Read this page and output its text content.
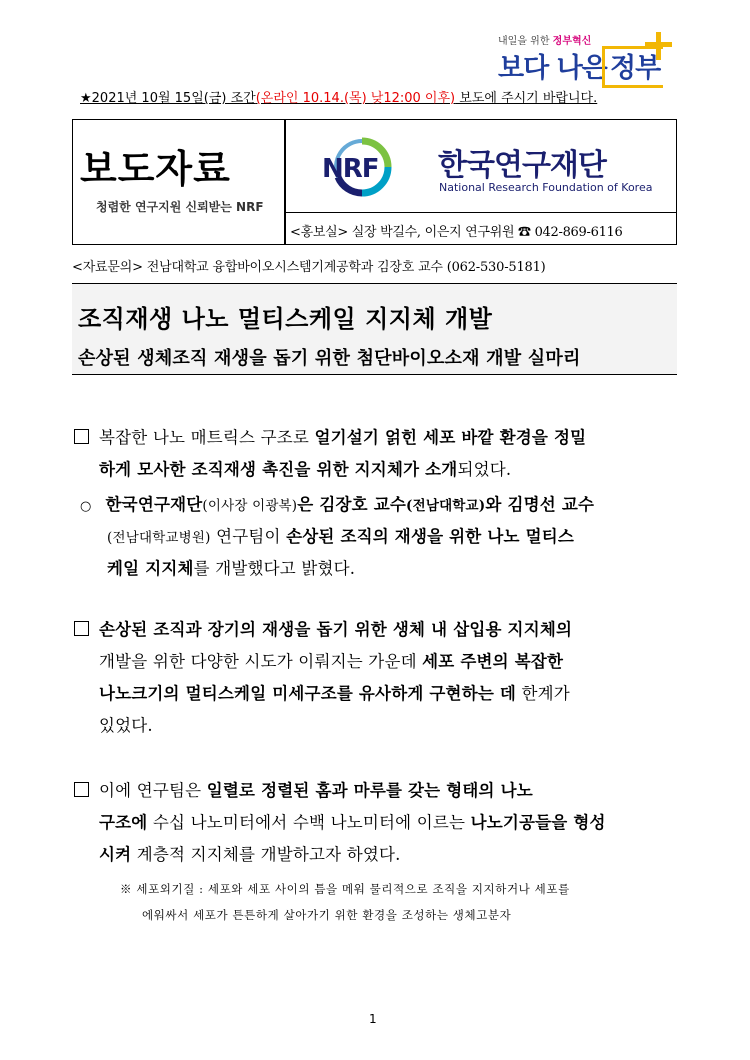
내일을 위한 정부혁신
보다 나은 정부
★2021년 10월 15일(금) 조간(온라인 10.14.(목) 낮12:00 이후) 보도에 주시기 바랍니다.
보도자료
청렴한 연구지원 신뢰받는 NRF
NRF 한국연구재단
National Research Foundation of Korea
<홍보실> 실장 박길수, 이은지 연구위원 ☎ 042-869-6116
<자료문의> 전남대학교 융합바이오시스템기계공학과 김장호 교수 (062-530-5181)
조직재생 나노 멀티스케일 지지체 개발
손상된 생체조직 재생을 돕기 위한 첨단바이오소재 개발 실마리
복잡한 나노 매트릭스 구조로 얼기설기 얽힌 세포 바깥 환경을 정밀
하게 모사한 조직재생 촉진을 위한 지지체가 소개되었다.
○ 한국연구재단(이사장 이광복)은 김장호 교수(전남대학교)와 김명선 교수
(전남대학교병원) 연구팀이 손상된 조직의 재생을 위한 나노 멀티스
케일 지지체를 개발했다고 밝혔다.
손상된 조직과 장기의 재생을 돕기 위한 생체 내 삽입용 지지체의
개발을 위한 다양한 시도가 이뤄지는 가운데 세포 주변의 복잡한
나노크기의 멀티스케일 미세구조를 유사하게 구현하는 데 한계가
있었다.
이에 연구팀은 일렬로 정렬된 홈과 마루를 갖는 형태의 나노
구조에 수십 나노미터에서 수백 나노미터에 이르는 나노기공들을 형성
시켜 계층적 지지체를 개발하고자 하였다.
※ 세포외기질 : 세포와 세포 사이의 틈을 메워 물리적으로 조직을 지지하거나 세포를
에워싸서 세포가 튼튼하게 살아가기 위한 환경을 조성하는 생체고분자
1
